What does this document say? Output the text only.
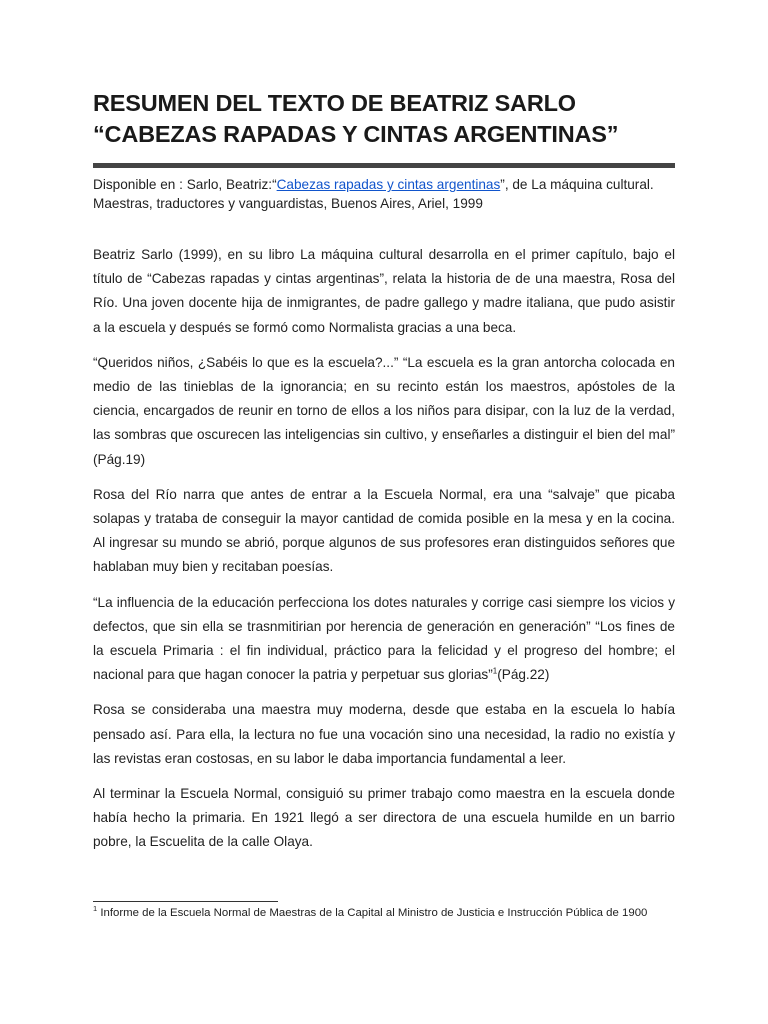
RESUMEN DEL TEXTO DE BEATRIZ SARLO
“CABEZAS RAPADAS Y CINTAS ARGENTINAS”
Disponible en : Sarlo, Beatriz:“Cabezas rapadas y cintas argentinas”, de La máquina cultural. Maestras, traductores y vanguardistas, Buenos Aires, Ariel, 1999

Beatriz Sarlo (1999), en su libro La máquina cultural desarrolla en el primer capítulo, bajo el título de “Cabezas rapadas y cintas argentinas”, relata la historia de de una maestra, Rosa del Río. Una joven docente hija de inmigrantes, de padre gallego y madre italiana, que pudo asistir a la escuela y después se formó como Normalista gracias a una beca.

“Queridos niños, ¿Sabéis lo que es la escuela?...” “La escuela es la gran antorcha colocada en medio de las tinieblas de la ignorancia; en su recinto están los maestros, apóstoles de la ciencia, encargados de reunir en torno de ellos a los niños para disipar, con la luz de la verdad, las sombras que oscurecen las inteligencias sin cultivo, y enseñarles a distinguir el bien del mal” (Pág.19)

Rosa del Río narra que antes de entrar a la Escuela Normal, era una “salvaje” que picaba solapas y trataba de conseguir la mayor cantidad de comida posible en la mesa y en la cocina. Al ingresar su mundo se abrió, porque algunos de sus profesores eran distinguidos señores que hablaban muy bien y recitaban poesías.

“La influencia de la educación perfecciona los dotes naturales y corrige casi siempre los vicios y defectos, que sin ella se trasnmitirian por herencia de generación en generación” “Los fines de la escuela Primaria : el fin individual, práctico para la felicidad y el progreso del hombre; el nacional para que hagan conocer la patria y perpetuar sus glorias”$^1$(Pág.22)

Rosa se consideraba una maestra muy moderna, desde que estaba en la escuela lo había pensado así. Para ella, la lectura no fue una vocación sino una necesidad, la radio no existía y las revistas eran costosas, en su labor le daba importancia fundamental a leer.

Al terminar la Escuela Normal, consiguió su primer trabajo como maestra en la escuela donde había hecho la primaria. En 1921 llegó a ser directora de una escuela humilde en un barrio pobre, la Escuelita de la calle Olaya.

$^1$ Informe de la Escuela Normal de Maestras de la Capital al Ministro de Justicia e Instrucción Pública de 1900
